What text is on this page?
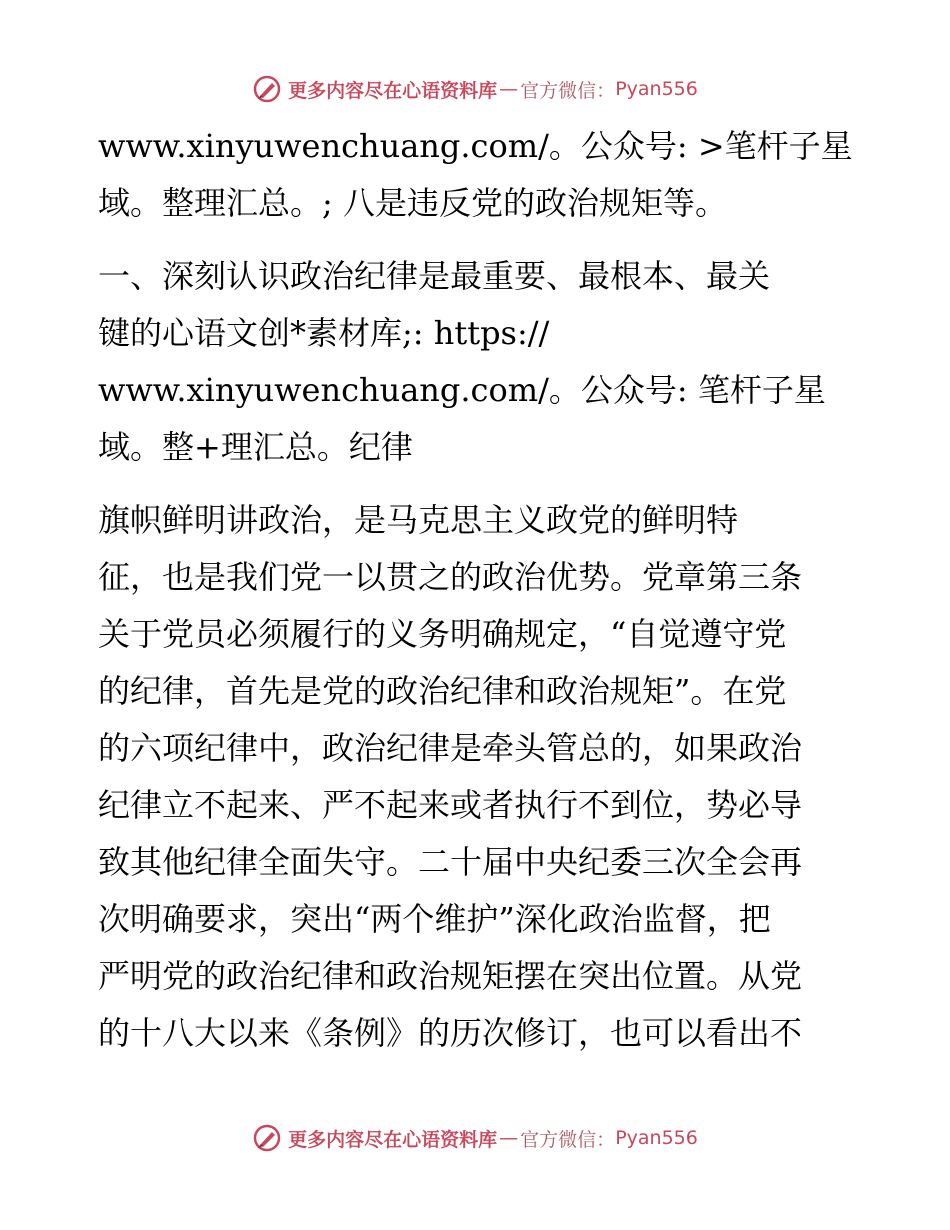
更多内容尽在心语资料库 — 官方微信： Pyan556
www.xinyuwenchuang.com/。公众号: >笔杆子星
域。整理汇总。; 八是违反党的政治规矩等。
一、深刻认识政治纪律是最重要、最根本、最关
键的心语文创*素材库;: https://
www.xinyuwenchuang.com/。公众号: 笔杆子星
域。整+理汇总。纪律
旗帜鲜明讲政治，是马克思主义政党的鲜明特
征，也是我们党一以贯之的政治优势。党章第三条
关于党员必须履行的义务明确规定，“自觉遵守党
的纪律，首先是党的政治纪律和政治规矩”。在党
的六项纪律中，政治纪律是牵头管总的，如果政治
纪律立不起来、严不起来或者执行不到位，势必导
致其他纪律全面失守。二十届中央纪委三次全会再
次明确要求，突出“两个维护”深化政治监督，把
严明党的政治纪律和政治规矩摆在突出位置。从党
的十八大以来《条例》的历次修订，也可以看出不
更多内容尽在心语资料库 — 官方微信： Pyan556
